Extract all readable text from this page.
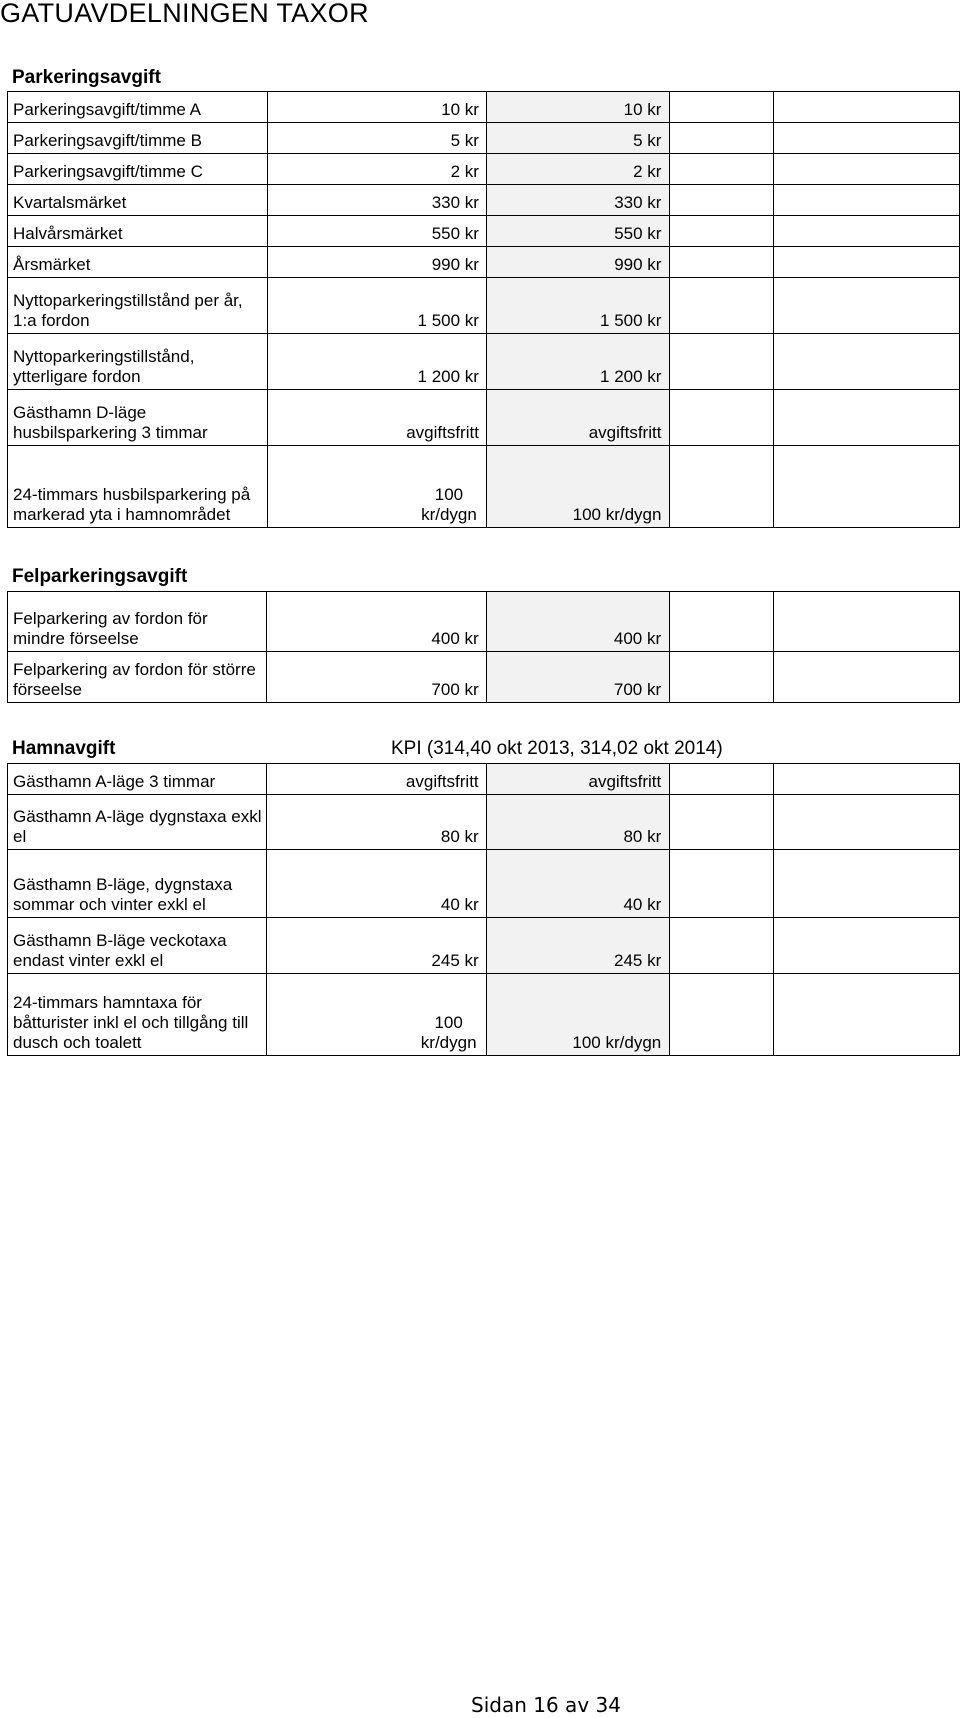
GATUAVDELNINGEN TAXOR
Parkeringsavgift
Parkeringsavgift/timme A	10 kr	10 kr		
Parkeringsavgift/timme B	5 kr	5 kr		
Parkeringsavgift/timme C	2 kr	2 kr		
Kvartalsmärket	330 kr	330 kr		
Halvårsmärket	550 kr	550 kr		
Årsmärket	990 kr	990 kr		
Nyttoparkeringstillstånd per år, 1:a fordon	1 500 kr	1 500 kr		
Nyttoparkeringstillstånd, ytterligare fordon	1 200 kr	1 200 kr		
Gästhamn D-läge husbilsparkering 3 timmar	avgiftsfritt	avgiftsfritt		
24-timmars husbilsparkering på markerad yta i hamnområdet	100 kr/dygn	100 kr/dygn		
Felparkeringsavgift
Felparkering av fordon för mindre förseelse	400 kr	400 kr		
Felparkering av fordon för större förseelse	700 kr	700 kr		
Hamnavgift	KPI (314,40 okt 2013, 314,02 okt 2014)
Gästhamn A-läge 3 timmar	avgiftsfritt	avgiftsfritt		
Gästhamn A-läge dygnstaxa exkl el	80 kr	80 kr		
Gästhamn B-läge, dygnstaxa sommar och vinter exkl el	40 kr	40 kr		
Gästhamn B-läge veckotaxa endast vinter exkl el	245 kr	245 kr		
24-timmars hamntaxa för båtturister inkl el och tillgång till dusch och toalett	100 kr/dygn	100 kr/dygn		
Sidan 16 av 34
